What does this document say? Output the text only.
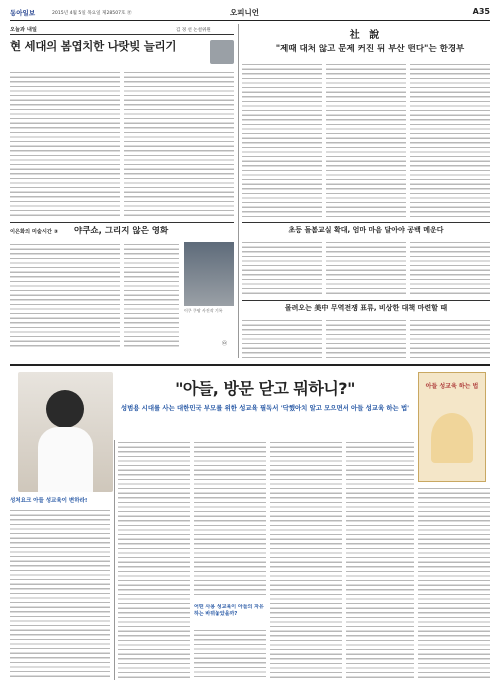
동아일보	2015년 4월 5일 목요일 제28507호 ㉭	오피니언	A35
오늘과 내일	김 경 선 논설위원
현 세대의 봄엽치한 나랏빚 늘리기
이은화의 미술시간 ③	야쿠쇼, 그리지 않은 영화
이쿠 쿠팡 사진작 기록
㉧
社 說
"제때 대처 않고 문제 커진 뒤 부산 떤다"는 한경부
초등 돌봄교실 확대, 엄마 마음 달아야 공백 메운다
몰려오는 美中 무역전쟁 표류, 비상한 대책 마련할 때
"아들, 방문 닫고 뭐하니?"
성범용 시대를 사는 대한민국 부모를 위한 성교육 필독서 '닥했아치 알고 모으면서 아들 성교육 하는 법'
아들 성교육 하는 법
성처요크 아들 성교육이 변하라!
어떤 사용 성교육이 아들의 자유하는 바꿔놓았을까?
